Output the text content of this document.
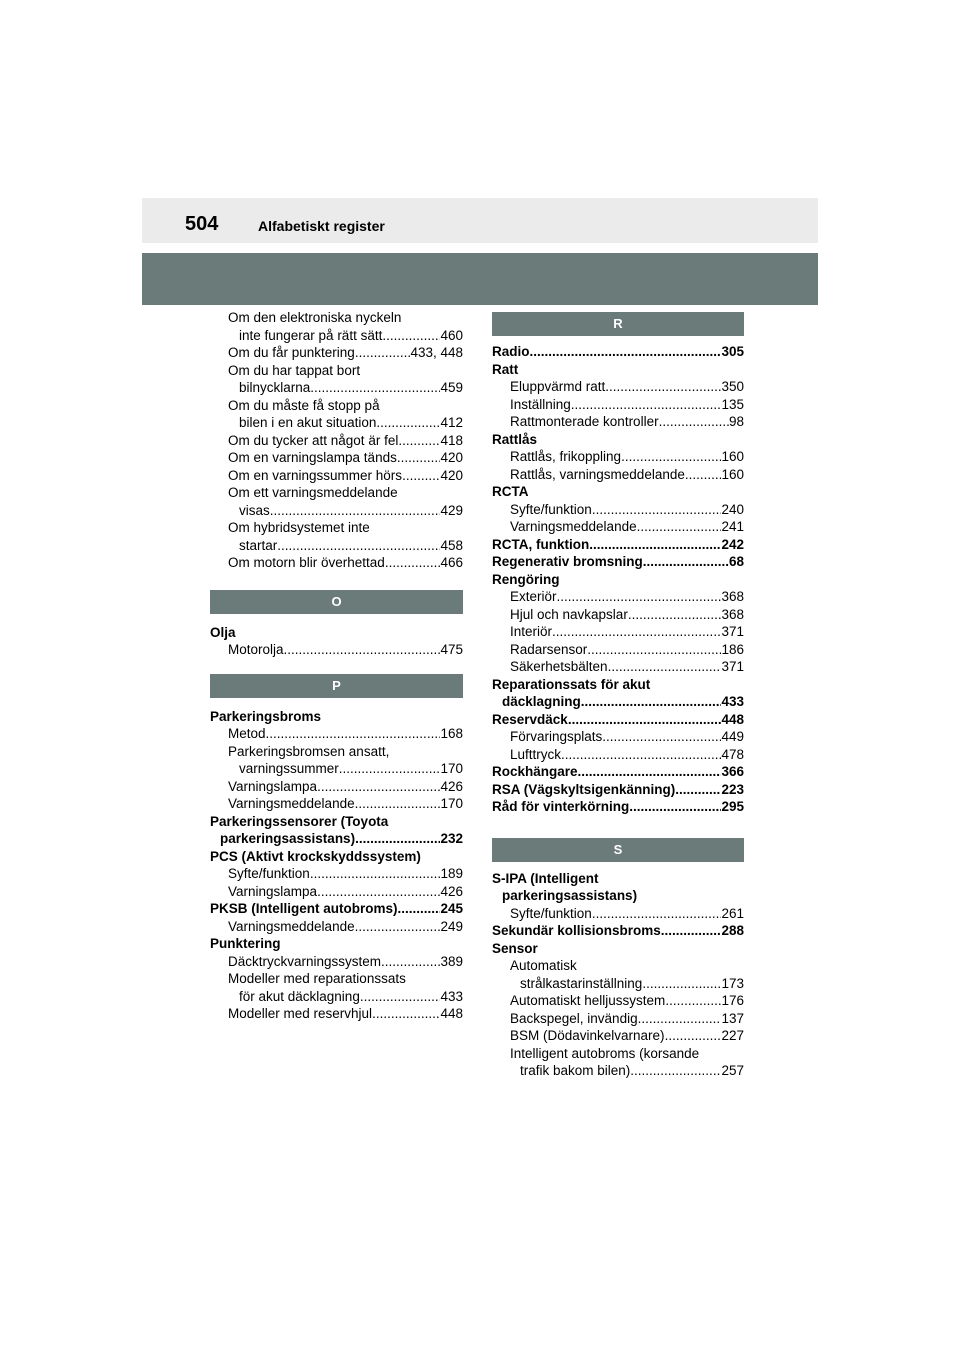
504	Alfabetiskt register
Om den elektroniska nyckeln
inte fungerar på rätt sätt .....	460
Om du får punktering .....	433, 448
Om du har tappat bort
bilnycklarna .....	459
Om du måste få stopp på
bilen i en akut situation .....	412
Om du tycker att något är fel .....	418
Om en varningslampa tänds .....	420
Om en varningssummer hörs .....	420
Om ett varningsmeddelande
visas .....	429
Om hybridsystemet inte
startar .....	458
Om motorn blir överhettad .....	466
O
Olja
Motorolja .....	475
P
Parkeringsbroms
Metod .....	168
Parkeringsbromsen ansatt,
varningssummer .....	170
Varningslampa .....	426
Varningsmeddelande .....	170
Parkeringssensorer (Toyota
parkeringsassistans) .....	232
PCS (Aktivt krockskyddssystem)
Syfte/funktion .....	189
Varningslampa .....	426
PKSB (Intelligent autobroms) .....	245
Varningsmeddelande .....	249
Punktering
Däcktryckvarningssystem .....	389
Modeller med reparationssats
för akut däcklagning .....	433
Modeller med reservhjul .....	448
R
Radio .....	305
Ratt
Eluppvärmd ratt .....	350
Inställning .....	135
Rattmonterade kontroller .....	98
Rattlås
Rattlås, frikoppling .....	160
Rattlås, varningsmeddelande .....	160
RCTA
Syfte/funktion .....	240
Varningsmeddelande .....	241
RCTA, funktion .....	242
Regenerativ bromsning .....	68
Rengöring
Exteriör .....	368
Hjul och navkapslar .....	368
Interiör .....	371
Radarsensor .....	186
Säkerhetsbälten .....	371
Reparationssats för akut
däcklagning .....	433
Reservdäck .....	448
Förvaringsplats .....	449
Lufttryck .....	478
Rockhängare .....	366
RSA (Vägskyltsigenkänning) .....	223
Råd för vinterkörning .....	295
S
S-IPA (Intelligent
parkeringsassistans)
Syfte/funktion .....	261
Sekundär kollisionsbroms .....	288
Sensor
Automatisk
strålkastarinställning .....	173
Automatiskt helljussystem .....	176
Backspegel, invändig .....	137
BSM (Dödavinkelvarnare) .....	227
Intelligent autobroms (korsande
trafik bakom bilen) .....	257
